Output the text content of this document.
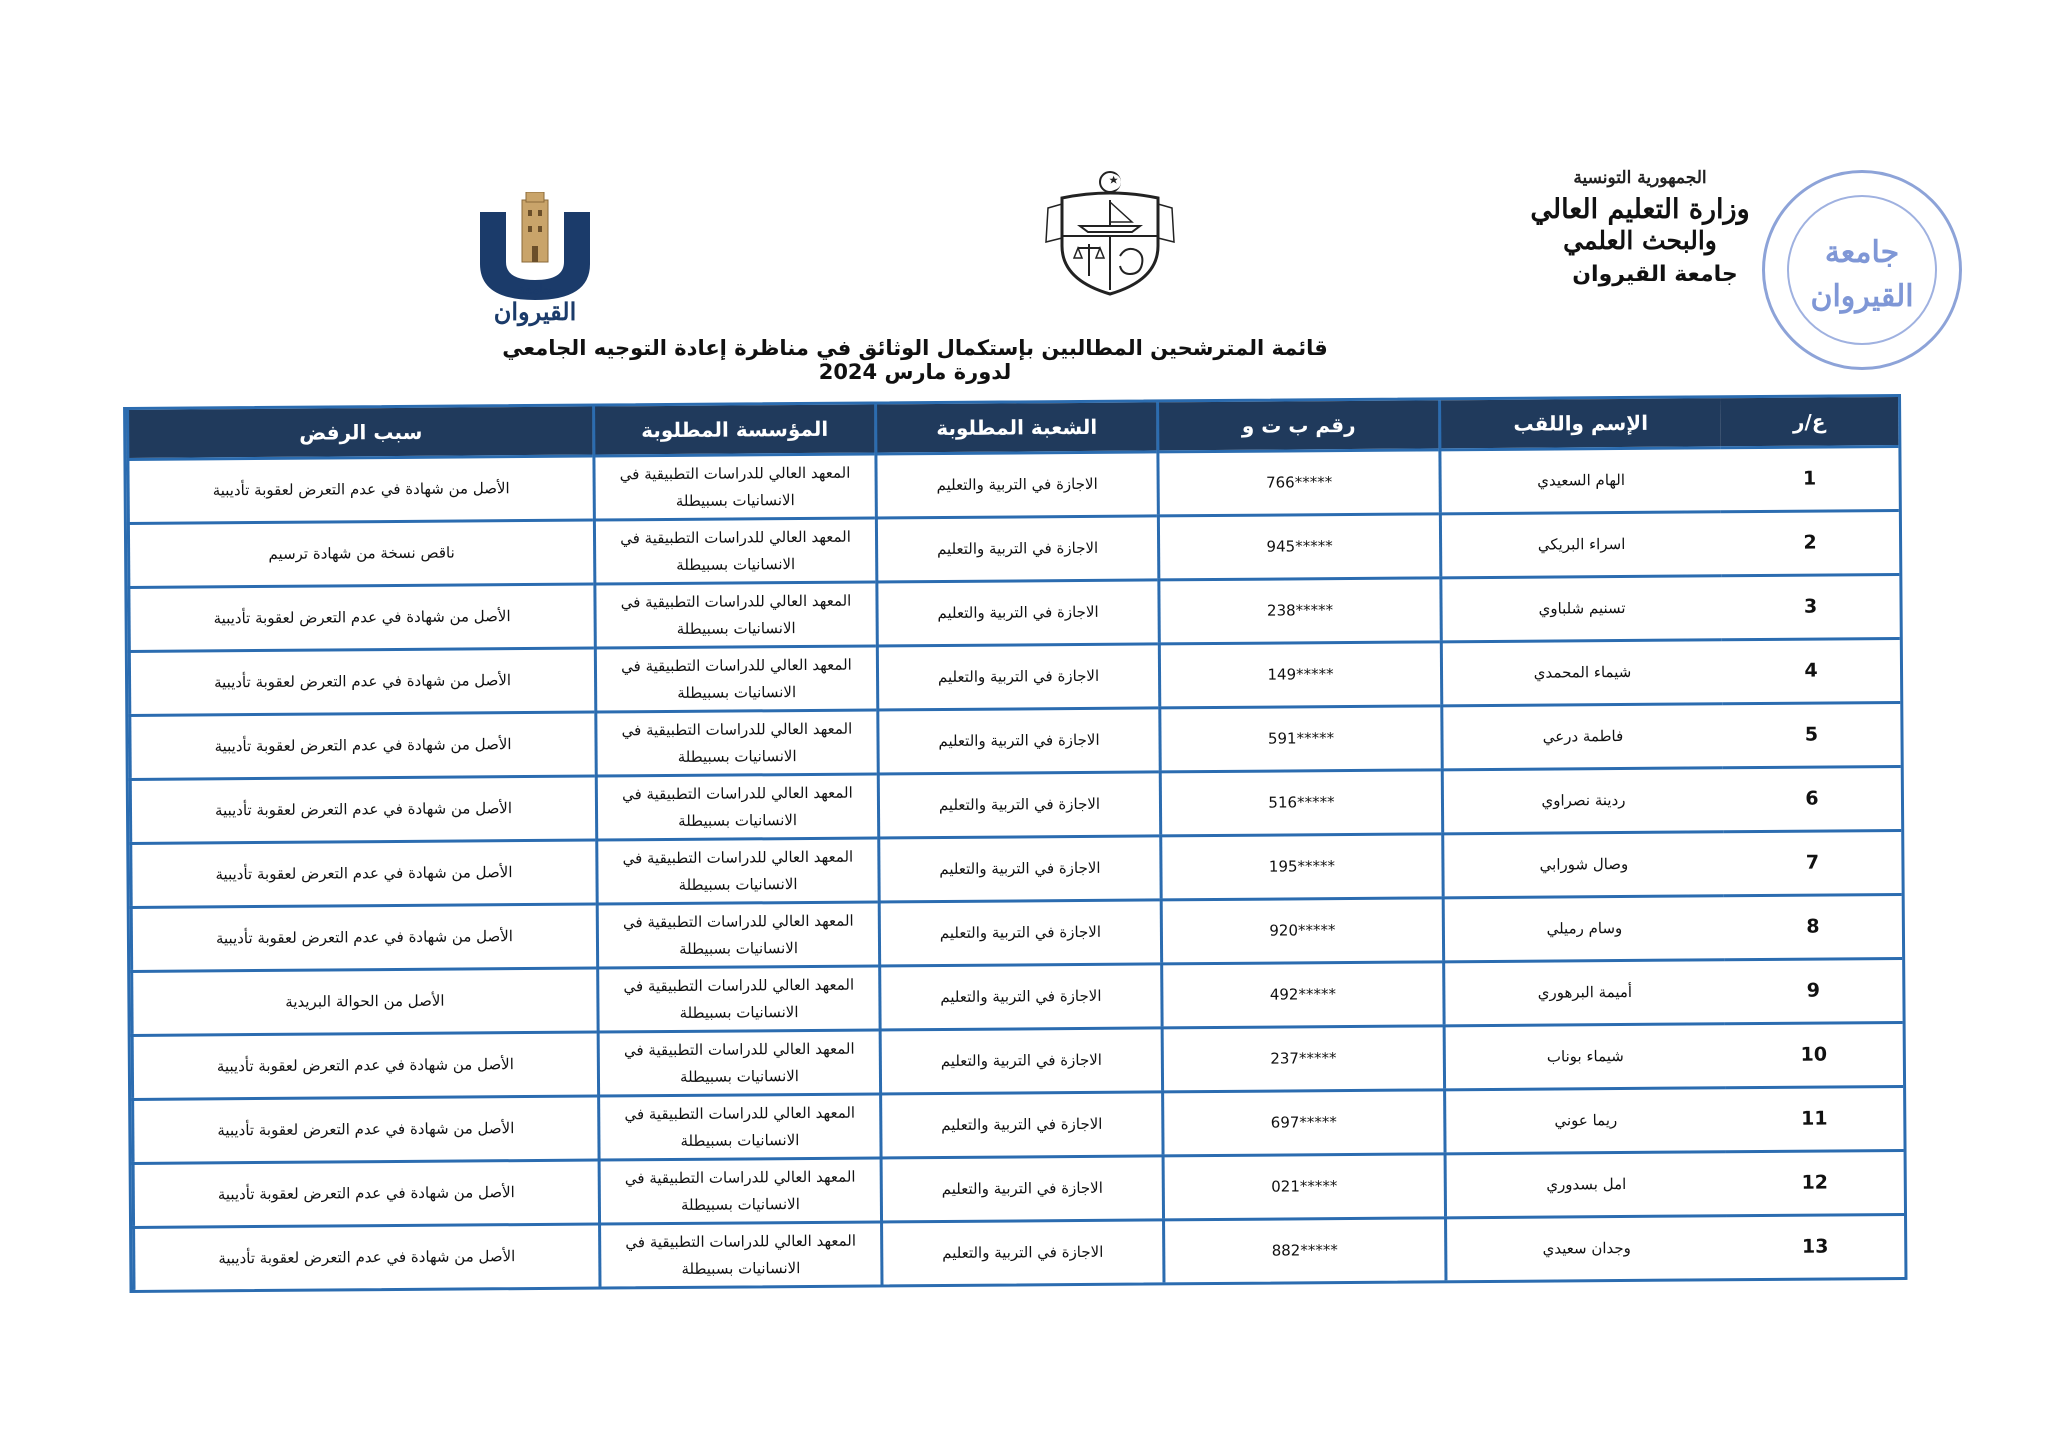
جامعة
القيروان
الجمهورية التونسية
وزارة التعليم العالي
والبحث العلمي
جامعة القيروان
جامعة
القيروان
قائمة المترشحين المطالبين بإستكمال الوثائق في مناظرة إعادة التوجيه الجامعي لدورة مارس 2024
ع/ر	الإسم واللقب	رقم ب ت و	الشعبة المطلوبة	المؤسسة المطلوبة	سبب الرفض
1	الهام السعيدي	*****766	الاجازة في التربية والتعليم	المعهد العالي للدراسات التطبيقية في الانسانيات بسبيطلة	الأصل من شهادة في عدم التعرض لعقوبة تأديبية
2	اسراء البريكي	*****945	الاجازة في التربية والتعليم	المعهد العالي للدراسات التطبيقية في الانسانيات بسبيطلة	ناقص نسخة من شهادة ترسيم
3	تسنيم شلباوي	*****238	الاجازة في التربية والتعليم	المعهد العالي للدراسات التطبيقية في الانسانيات بسبيطلة	الأصل من شهادة في عدم التعرض لعقوبة تأديبية
4	شيماء المحمدي	*****149	الاجازة في التربية والتعليم	المعهد العالي للدراسات التطبيقية في الانسانيات بسبيطلة	الأصل من شهادة في عدم التعرض لعقوبة تأديبية
5	فاطمة درعي	*****591	الاجازة في التربية والتعليم	المعهد العالي للدراسات التطبيقية في الانسانيات بسبيطلة	الأصل من شهادة في عدم التعرض لعقوبة تأديبية
6	ردينة نصراوي	*****516	الاجازة في التربية والتعليم	المعهد العالي للدراسات التطبيقية في الانسانيات بسبيطلة	الأصل من شهادة في عدم التعرض لعقوبة تأديبية
7	وصال شورابي	*****195	الاجازة في التربية والتعليم	المعهد العالي للدراسات التطبيقية في الانسانيات بسبيطلة	الأصل من شهادة في عدم التعرض لعقوبة تأديبية
8	وسام رميلي	*****920	الاجازة في التربية والتعليم	المعهد العالي للدراسات التطبيقية في الانسانيات بسبيطلة	الأصل من شهادة في عدم التعرض لعقوبة تأديبية
9	أميمة البرهوري	*****492	الاجازة في التربية والتعليم	المعهد العالي للدراسات التطبيقية في الانسانيات بسبيطلة	الأصل من الحوالة البريدية
10	شيماء بوناب	*****237	الاجازة في التربية والتعليم	المعهد العالي للدراسات التطبيقية في الانسانيات بسبيطلة	الأصل من شهادة في عدم التعرض لعقوبة تأديبية
11	ريما عوني	*****697	الاجازة في التربية والتعليم	المعهد العالي للدراسات التطبيقية في الانسانيات بسبيطلة	الأصل من شهادة في عدم التعرض لعقوبة تأديبية
12	امل بسدوري	*****021	الاجازة في التربية والتعليم	المعهد العالي للدراسات التطبيقية في الانسانيات بسبيطلة	الأصل من شهادة في عدم التعرض لعقوبة تأديبية
13	وجدان سعيدي	*****882	الاجازة في التربية والتعليم	المعهد العالي للدراسات التطبيقية في الانسانيات بسبيطلة	الأصل من شهادة في عدم التعرض لعقوبة تأديبية
